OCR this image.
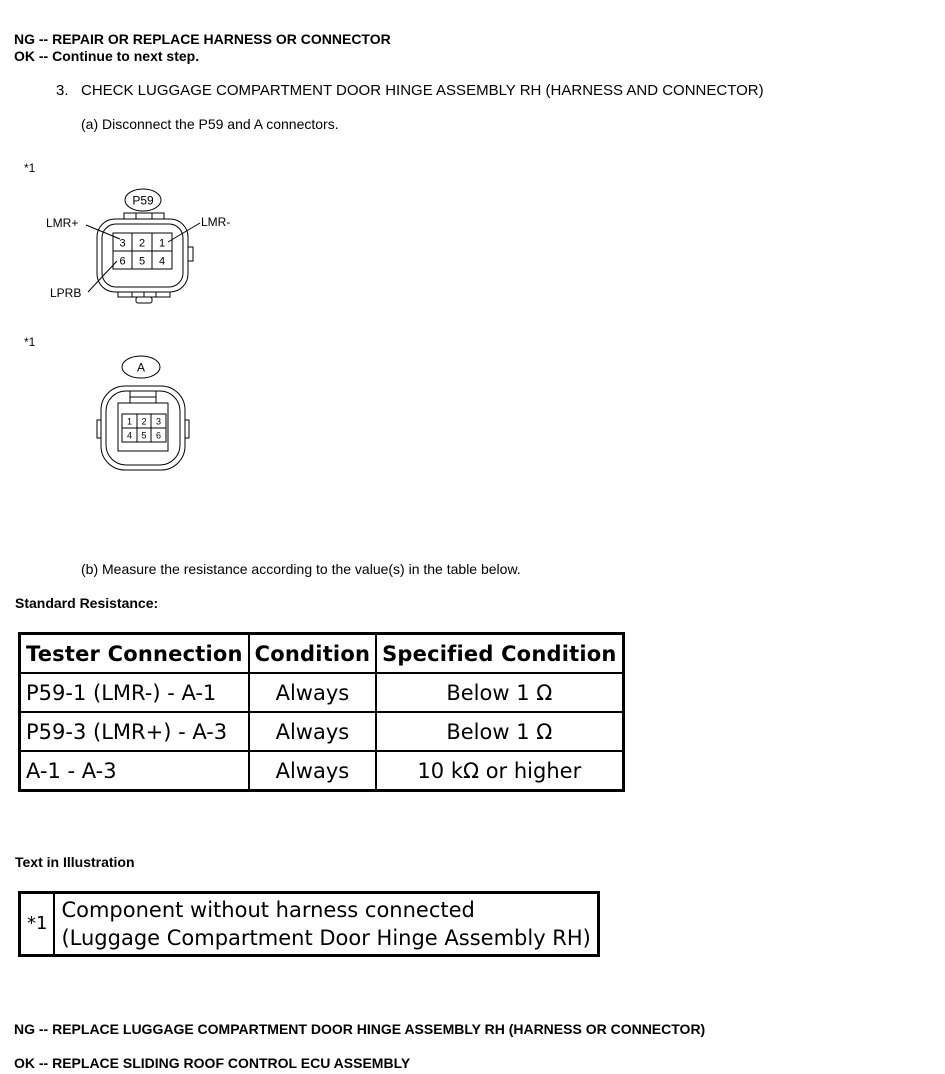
NG -- REPAIR OR REPLACE HARNESS OR CONNECTOR
OK -- Continue to next step.
3. CHECK LUGGAGE COMPARTMENT DOOR HINGE ASSEMBLY RH (HARNESS AND CONNECTOR)
(a) Disconnect the P59 and A connectors.
*1
P59
3 2 1
6 5 4
LMR+	LMR-
LPRB
*1
A
1 2 3
4 5 6
(b) Measure the resistance according to the value(s) in the table below.
Standard Resistance:
Tester Connection	Condition	Specified Condition
P59-1 (LMR-) - A-1	Always	Below 1 Ω
P59-3 (LMR+) - A-3	Always	Below 1 Ω
A-1 - A-3	Always	10 kΩ or higher
Text in Illustration
*1	
Component without harness connected
(Luggage Compartment Door Hinge Assembly RH)
NG -- REPLACE LUGGAGE COMPARTMENT DOOR HINGE ASSEMBLY RH (HARNESS OR CONNECTOR)
OK -- REPLACE SLIDING ROOF CONTROL ECU ASSEMBLY
